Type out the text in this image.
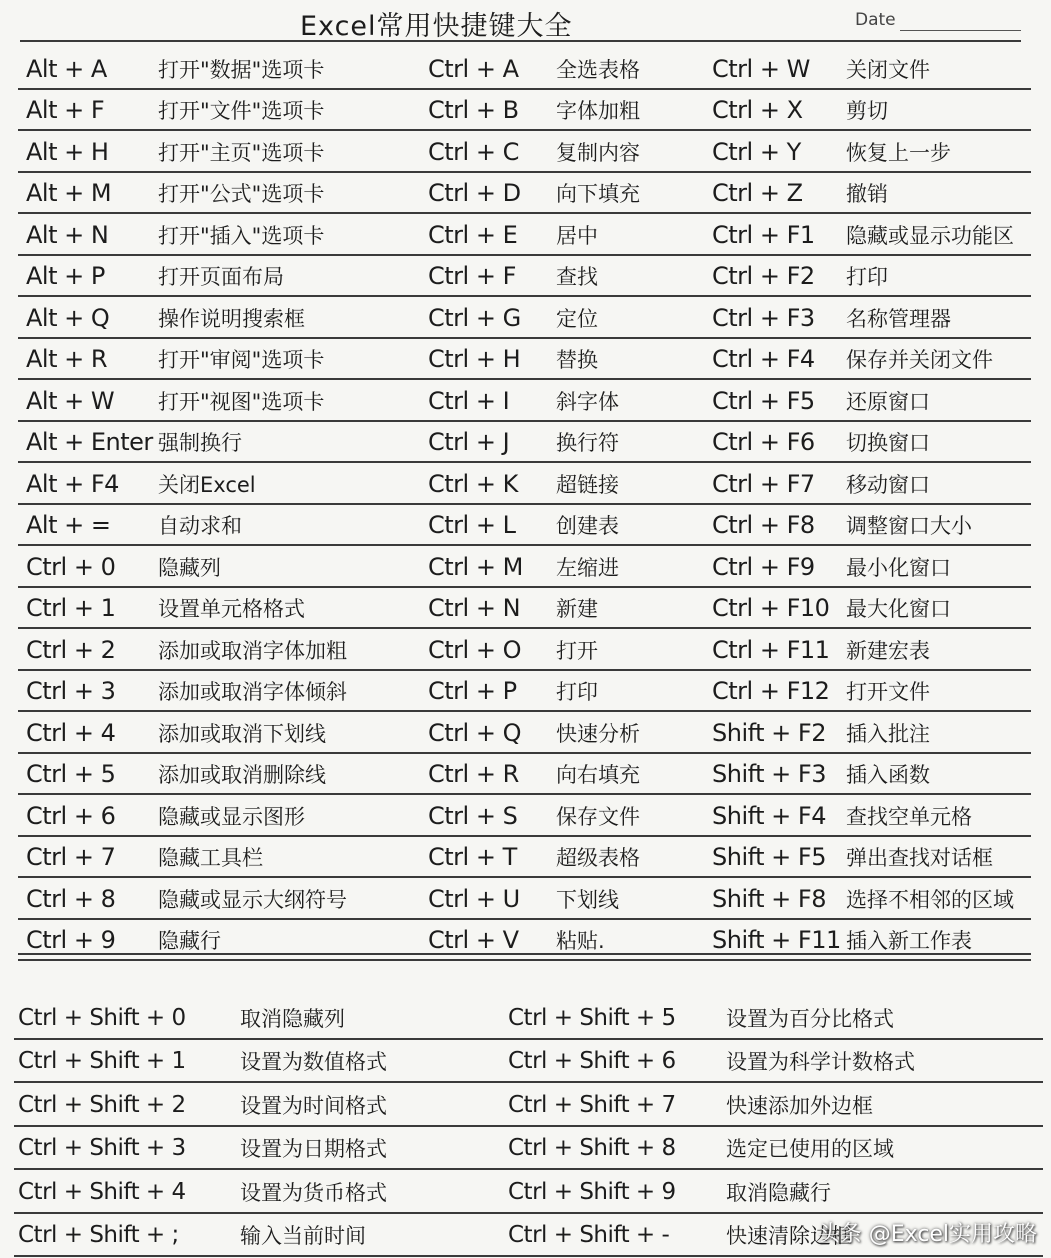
Excel常用快捷键大全	Date
Alt + A 打开"数据"选项卡	Ctrl + A 全选表格	Ctrl + W 关闭文件
Alt + F	打开"文件"选项卡	Ctrl + B 字体加粗	Ctrl + X 剪切
Alt + H 打开"主页"选项卡	Ctrl + C 复制内容	Ctrl + Y 恢复上一步
Alt + M 打开"公式"选项卡	Ctrl + D 向下填充	Ctrl + Z 撤销
Alt + N 打开"插入"选项卡	Ctrl + E 居中	Ctrl + F1 隐藏或显示功能区
Alt + P	打开页面布局	Ctrl + F 查找	Ctrl + F2 打印
Alt + Q 操作说明搜索框	Ctrl + G 定位	Ctrl + F3 名称管理器
Alt + R 打开"审阅"选项卡	Ctrl + H 替换	Ctrl + F4 保存并关闭文件
Alt + W 打开"视图"选项卡	Ctrl + I 斜字体	Ctrl + F5 还原窗口
Alt + Enter 强制换行	Ctrl + J 换行符	Ctrl + F6 切换窗口
Alt + F4 关闭Excel	Ctrl + K 超链接	Ctrl + F7 移动窗口
Alt + = 自动求和	Ctrl + L 创建表	Ctrl + F8 调整窗口大小
Ctrl + 0 隐藏列	Ctrl + M 左缩进	Ctrl + F9 最小化窗口
Ctrl + 1 设置单元格格式	Ctrl + N 新建	Ctrl + F10 最大化窗口
Ctrl + 2 添加或取消字体加粗	Ctrl + O 打开	Ctrl + F11 新建宏表
Ctrl + 3 添加或取消字体倾斜	Ctrl + P 打印	Ctrl + F12 打开文件
Ctrl + 4 添加或取消下划线	Ctrl + Q 快速分析	Shift + F2 插入批注
Ctrl + 5 添加或取消删除线	Ctrl + R 向右填充	Shift + F3 插入函数
Ctrl + 6 隐藏或显示图形	Ctrl + S 保存文件	Shift + F4 查找空单元格
Ctrl + 7 隐藏工具栏	Ctrl + T 超级表格	Shift + F5 弹出查找对话框
Ctrl + 8 隐藏或显示大纲符号	Ctrl + U 下划线	Shift + F8 选择不相邻的区域
Ctrl + 9 隐藏行	Ctrl + V 粘贴.	Shift + F11 插入新工作表
Ctrl + Shift + 0	取消隐藏列	Ctrl + Shift + 5 设置为百分比格式
Ctrl + Shift + 1	设置为数值格式	Ctrl + Shift + 6 设置为科学计数格式
Ctrl + Shift + 2	设置为时间格式	Ctrl + Shift + 7 快速添加外边框
Ctrl + Shift + 3	设置为日期格式	Ctrl + Shift + 8 选定已使用的区域
Ctrl + Shift + 4	设置为货币格式	Ctrl + Shift + 9 取消隐藏行
Ctrl + Shift + ;	输入当前时间	Ctrl + Shift + -	快速清除边框
头条 @Excel实用攻略
